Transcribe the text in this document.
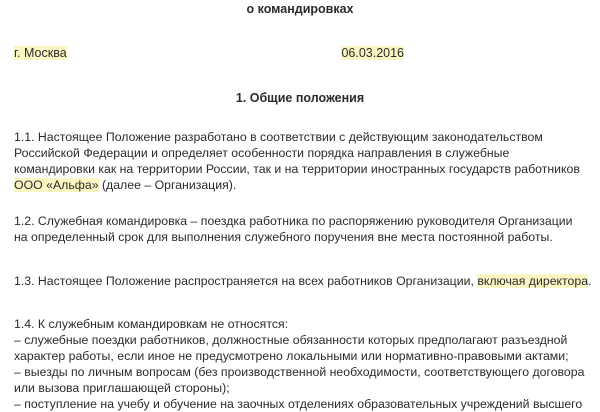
о командировках
г. Москва	06.03.2016
1. Общие положения
1.1. Настоящее Положение разработано в соответствии с действующим законодательством
Российской Федерации и определяет особенности порядка направления в служебные
командировки как на территории России, так и на территории иностранных государств работников
ООО «Альфа» (далее – Организация).
1.2. Служебная командировка – поездка работника по распоряжению руководителя Организации
на определенный срок для выполнения служебного поручения вне места постоянной работы.
1.3. Настоящее Положение распространяется на всех работников Организации, включая директора.
1.4. К служебным командировкам не относятся:
– служебные поездки работников, должностные обязанности которых предполагают разъездной
характер работы, если иное не предусмотрено локальными или нормативно-правовыми актами;
– выезды по личным вопросам (без производственной необходимости, соответствующего договора
или вызова приглашающей стороны);
– поступление на учебу и обучение на заочных отделениях образовательных учреждений высшего
